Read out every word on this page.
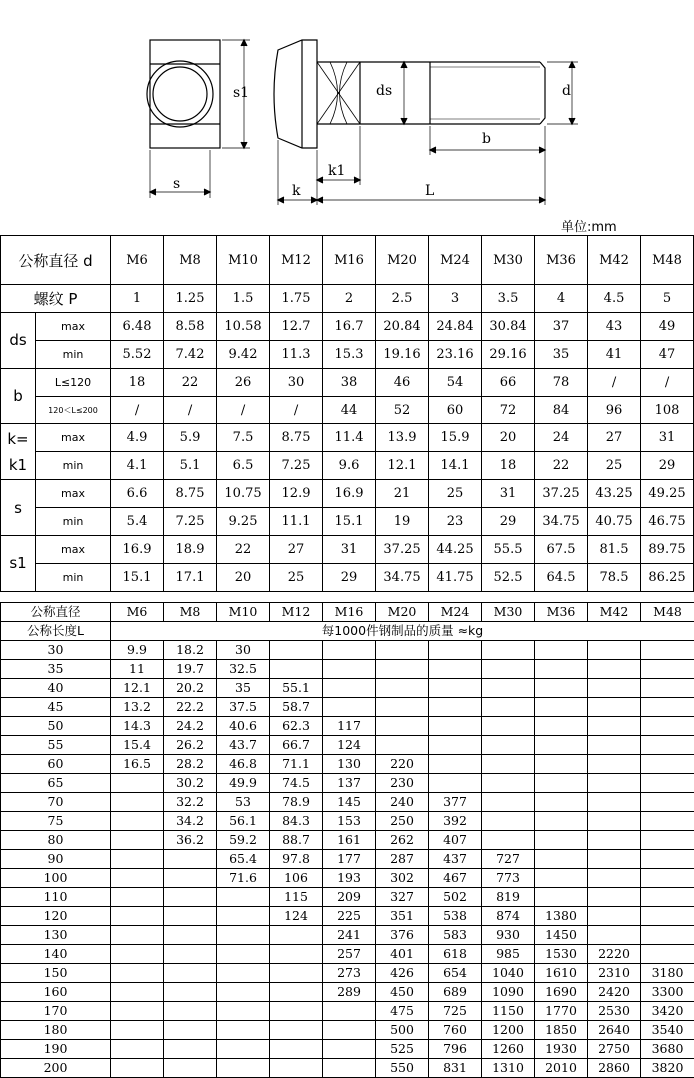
s1
s
ds	d
b
k1
k	L
单位:mm
公称直径 d		M6	M8	M10	M12	M16	M20	M24	M30	M36	M42	M48
螺纹 P		1	1.25	1.5	1.75	2	2.5	3	3.5	4	4.5	5
ds	max	6.48	8.58	10.58	12.7	16.7	20.84	24.84	30.84	37	43	49
	min	5.52	7.42	9.42	11.3	15.3	19.16	23.16	29.16	35	41	47
b	L≤120	18	22	26	30	38	46	54	66	78	/	/
	120＜L≤200	/	/	/	/	44	52	60	72	84	96	108

k=
k1	max	4.9	5.9	7.5	8.75	11.4	13.9	15.9	20	24	27	31
	min	4.1	5.1	6.5	7.25	9.6	12.1	14.1	18	22	25	29
s	max	6.6	8.75	10.75	12.9	16.9	21	25	31	37.25	43.25	49.25
	min	5.4	7.25	9.25	11.1	15.1	19	23	29	34.75	40.75	46.75
s1	max	16.9	18.9	22	27	31	37.25	44.25	55.5	67.5	81.5	89.75
	min	15.1	17.1	20	25	29	34.75	41.75	52.5	64.5	78.5	86.25
公称直径	M6	M8	M10	M12	M16	M20	M24	M30	M36	M42	M48
公称长度L	每1000件钢制品的质量 ≈kg										
30	9.9	18.2	30								
35	11	19.7	32.5								
40	12.1	20.2	35	55.1							
45	13.2	22.2	37.5	58.7							
50	14.3	24.2	40.6	62.3	117						
55	15.4	26.2	43.7	66.7	124						
60	16.5	28.2	46.8	71.1	130	220					
65		30.2	49.9	74.5	137	230					
70		32.2	53	78.9	145	240	377				
75		34.2	56.1	84.3	153	250	392				
80		36.2	59.2	88.7	161	262	407				
90			65.4	97.8	177	287	437	727			
100			71.6	106	193	302	467	773			
110				115	209	327	502	819			
120				124	225	351	538	874	1380		
130					241	376	583	930	1450		
140					257	401	618	985	1530	2220	
150					273	426	654	1040	1610	2310	3180
160					289	450	689	1090	1690	2420	3300
170						475	725	1150	1770	2530	3420
180						500	760	1200	1850	2640	3540
190						525	796	1260	1930	2750	3680
200						550	831	1310	2010	2860	3820
